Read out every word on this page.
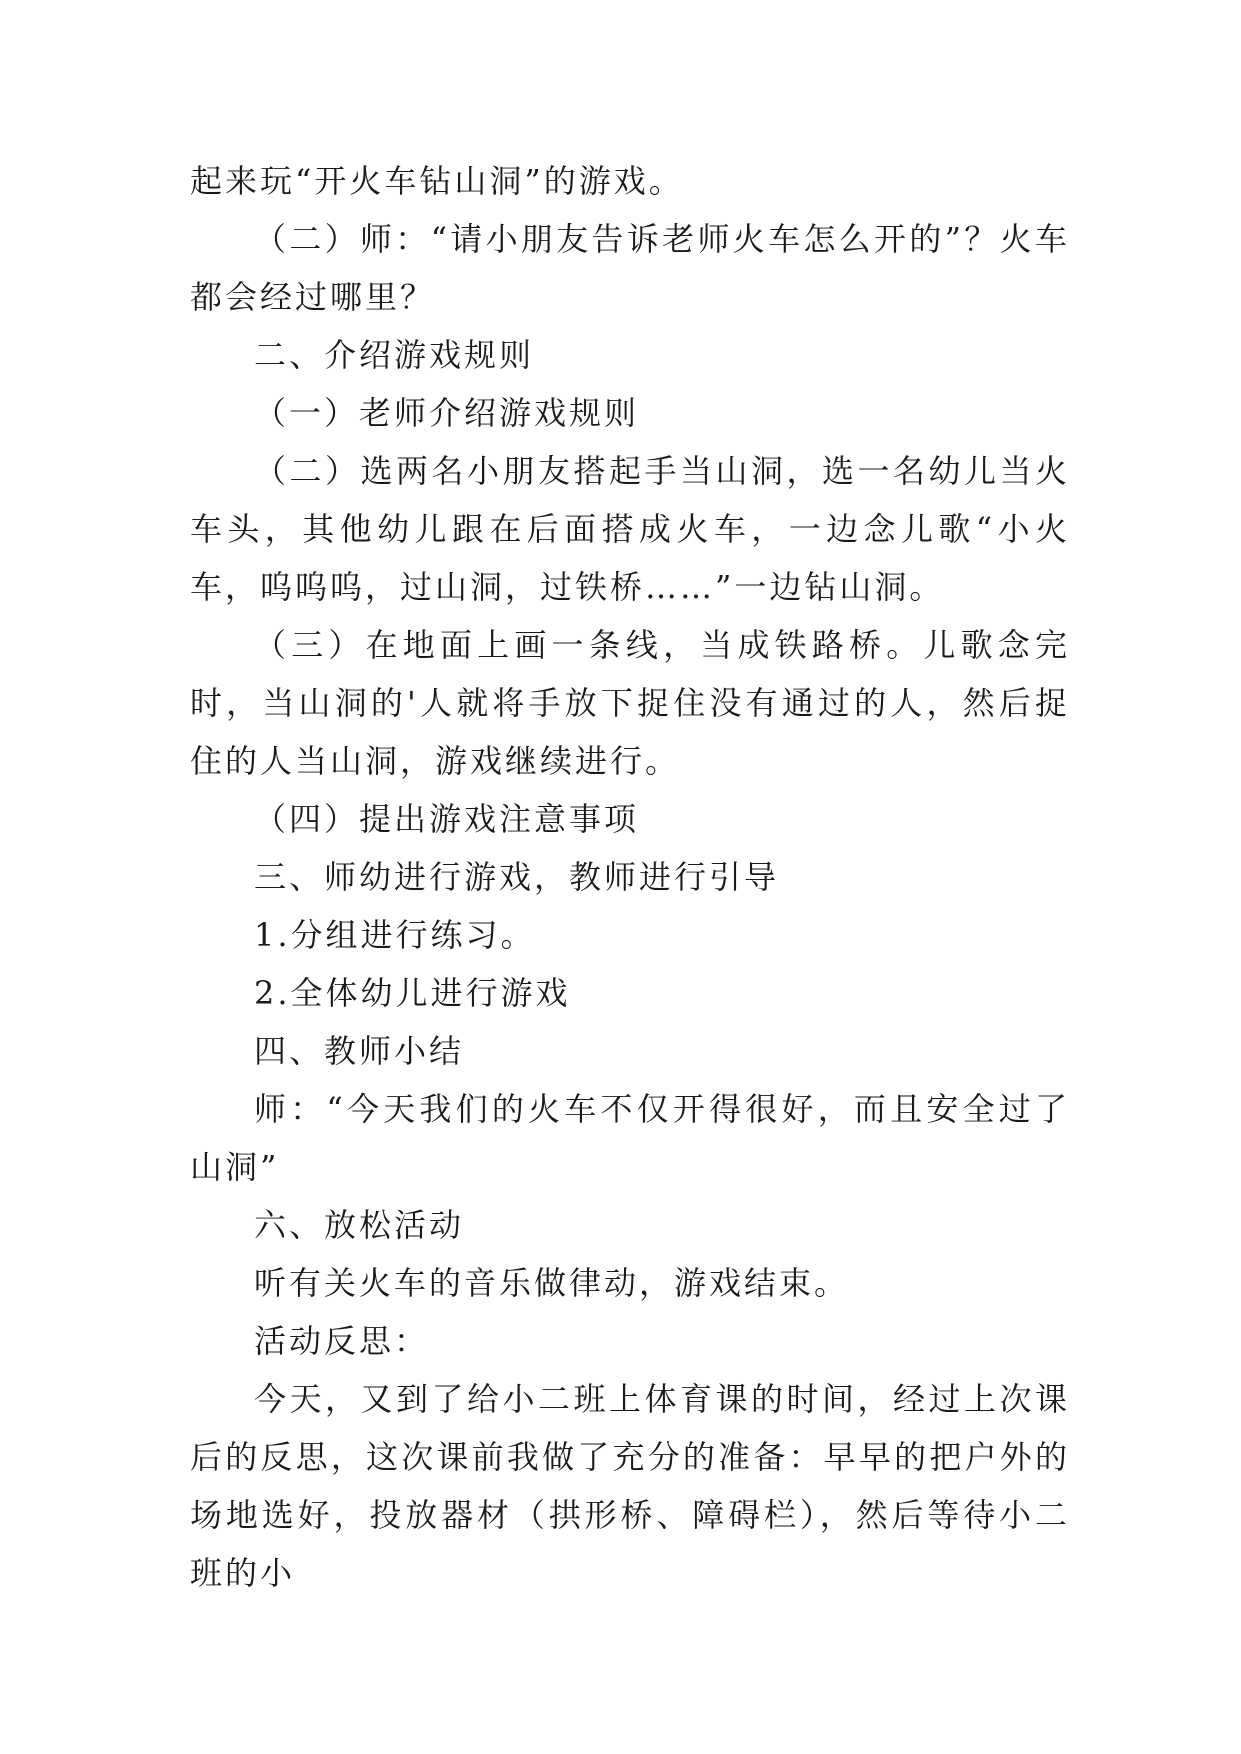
起来玩“开火车钻山洞”的游戏。

（二）师：“请小朋友告诉老师火车怎么开的”？火车都会经过哪里？

二、介绍游戏规则

（一）老师介绍游戏规则

（二）选两名小朋友搭起手当山洞，选一名幼儿当火车头，其他幼儿跟在后面搭成火车，一边念儿歌“小火车，呜呜呜，过山洞，过铁桥……”一边钻山洞。

（三）在地面上画一条线，当成铁路桥。儿歌念完时，当山洞的'人就将手放下捉住没有通过的人，然后捉住的人当山洞，游戏继续进行。

（四）提出游戏注意事项

三、师幼进行游戏，教师进行引导

1.分组进行练习。

2.全体幼儿进行游戏

四、教师小结

师：“今天我们的火车不仅开得很好，而且安全过了山洞”

六、放松活动

听有关火车的音乐做律动，游戏结束。

活动反思：

今天，又到了给小二班上体育课的时间，经过上次课后的反思，这次课前我做了充分的准备：早早的把户外的场地选好，投放器材（拱形桥、障碍栏），然后等待小二班的小
